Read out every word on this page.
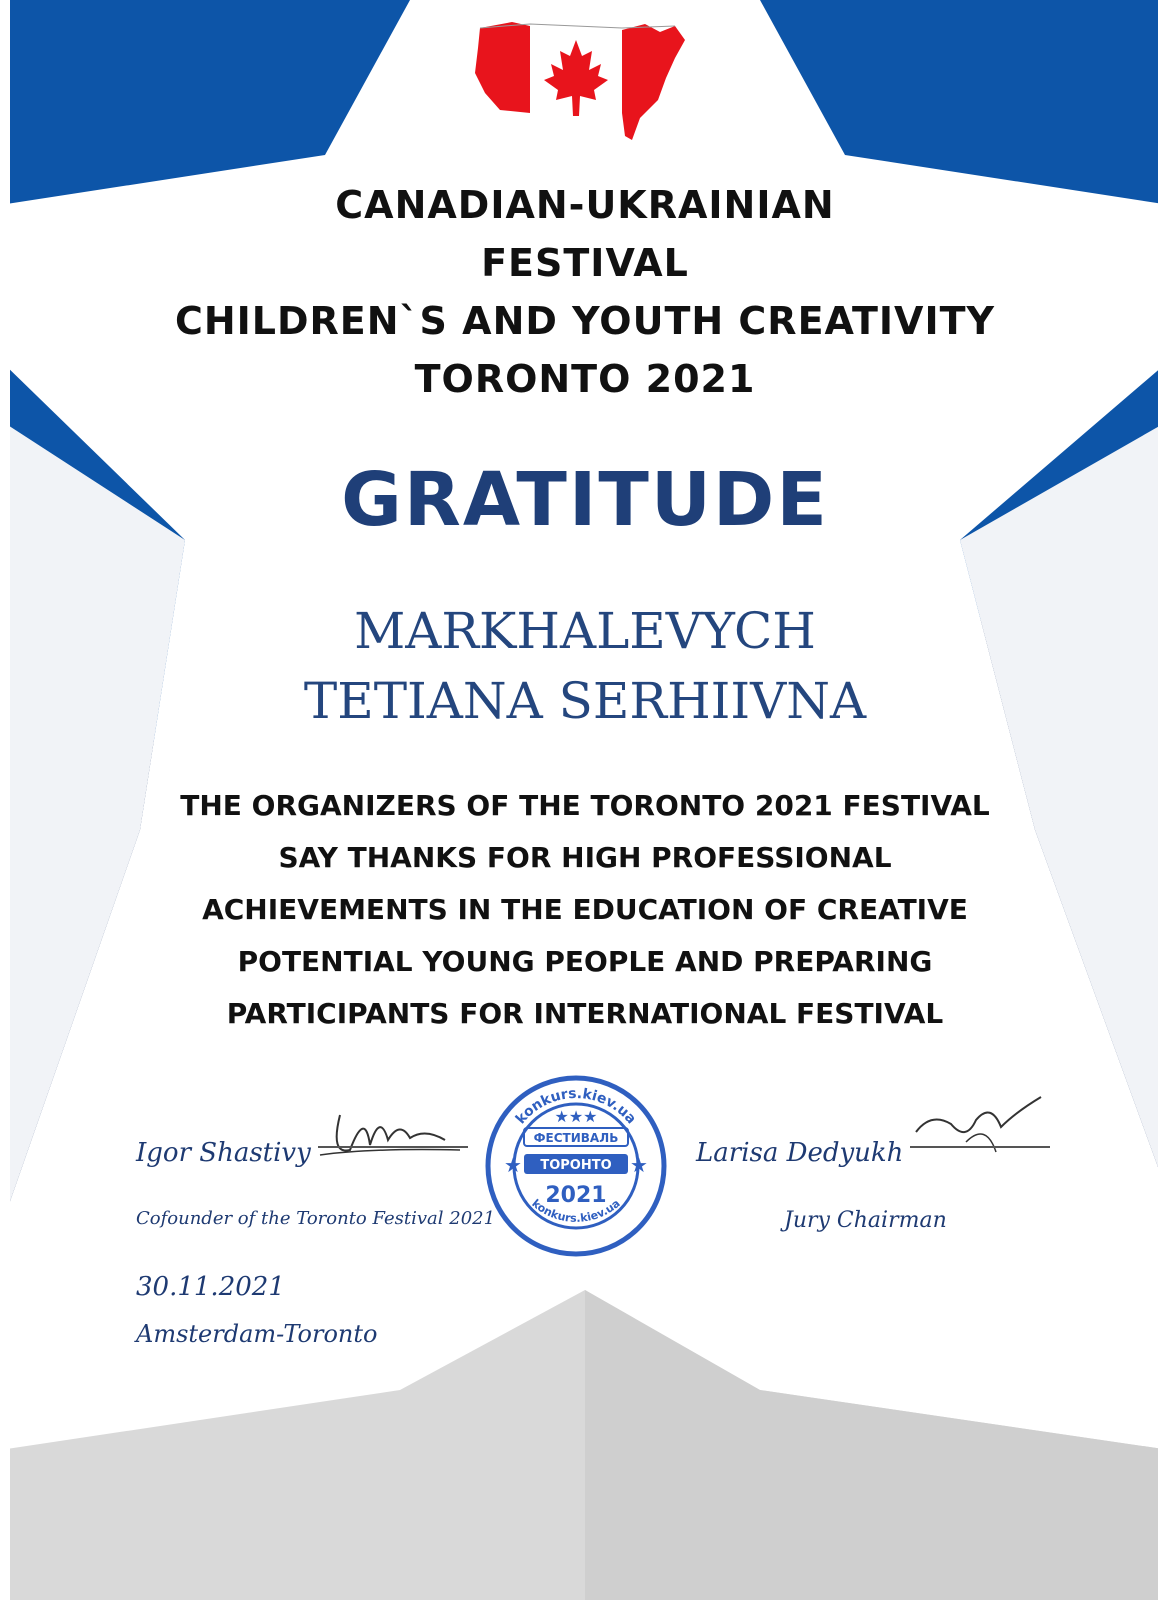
CANADIAN-UKRAINIAN
FESTIVAL
CHILDREN`S AND YOUTH CREATIVITY
TORONTO 2021
GRATITUDE
MARKHALEVYCH
TETIANA SERHIIVNA
THE ORGANIZERS OF THE TORONTO 2021 FESTIVAL
SAY THANKS FOR HIGH PROFESSIONAL
ACHIEVEMENTS IN THE EDUCATION OF CREATIVE
POTENTIAL YOUNG PEOPLE AND PREPARING
PARTICIPANTS FOR INTERNATIONAL FESTIVAL
Igor Shastivy
Cofounder of the Toronto Festival 2021
konkurs.kiev.ua
konkurs.kiev.ua
★★★
ФЕСТИВАЛЬ
★	★
ТОРОНТО
2021
Larisa Dedyukh
Jury Chairman
30.11.2021
Amsterdam-Toronto
